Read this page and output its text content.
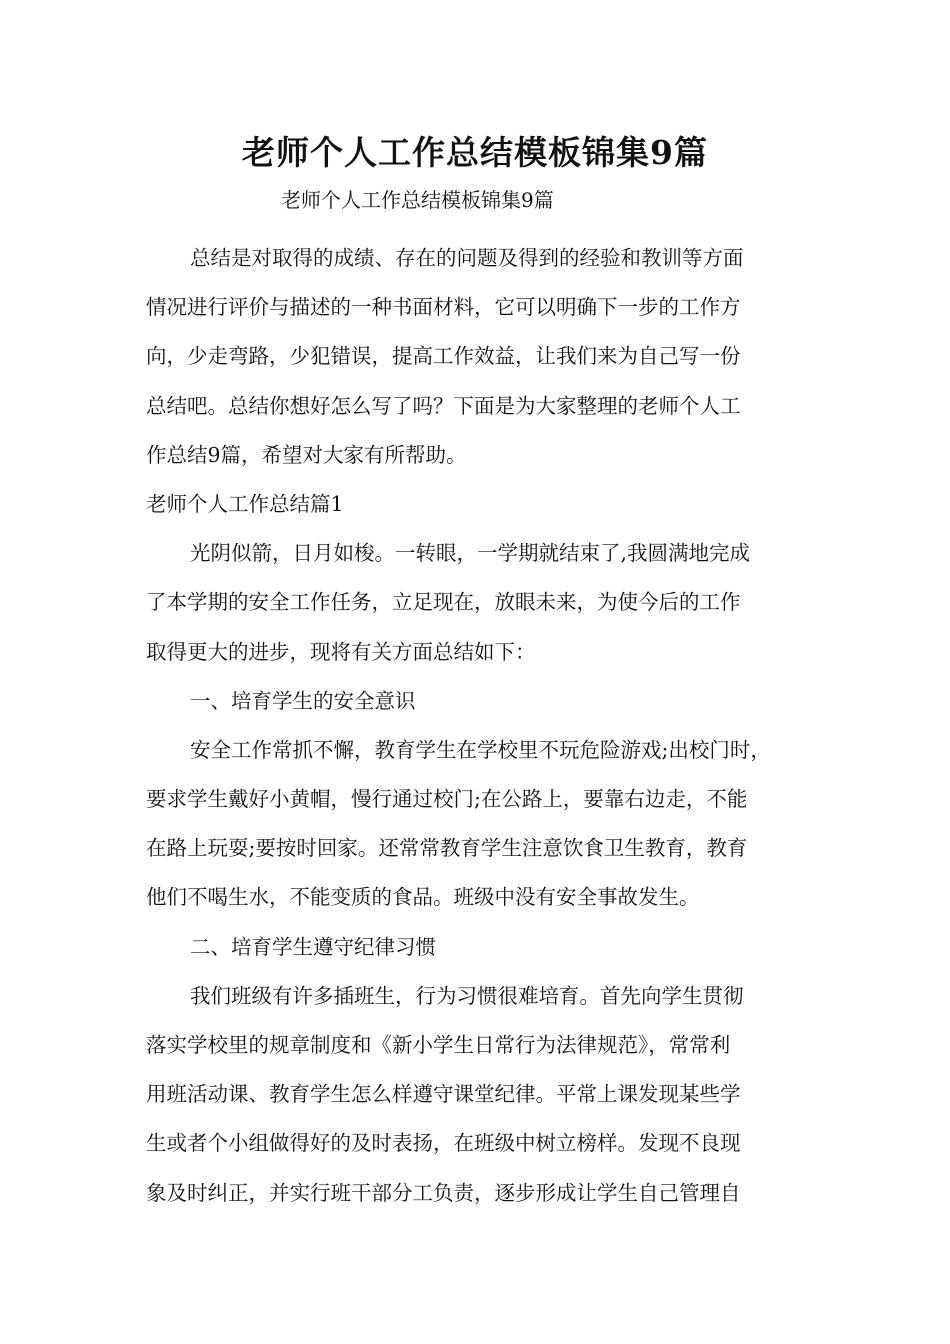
老师个人工作总结模板锦集9篇

老师个人工作总结模板锦集9篇

总结是对取得的成绩、存在的问题及得到的经验和教训等方面

情况进行评价与描述的一种书面材料，它可以明确下一步的工作方

向，少走弯路，少犯错误，提高工作效益，让我们来为自己写一份

总结吧。总结你想好怎么写了吗？下面是为大家整理的老师个人工

作总结9篇，希望对大家有所帮助。

老师个人工作总结篇1

光阴似箭，日月如梭。一转眼，一学期就结束了,我圆满地完成

了本学期的安全工作任务，立足现在，放眼未来，为使今后的工作

取得更大的进步，现将有关方面总结如下：

一、培育学生的安全意识

安全工作常抓不懈，教育学生在学校里不玩危险游戏;出校门时，

要求学生戴好小黄帽，慢行通过校门;在公路上，要靠右边走，不能

在路上玩耍;要按时回家。还常常教育学生注意饮食卫生教育，教育

他们不喝生水，不能变质的食品。班级中没有安全事故发生。

二、培育学生遵守纪律习惯

我们班级有许多插班生，行为习惯很难培育。首先向学生贯彻

落实学校里的规章制度和《新小学生日常行为法律规范》，常常利

用班活动课、教育学生怎么样遵守课堂纪律。平常上课发现某些学

生或者个小组做得好的及时表扬，在班级中树立榜样。发现不良现

象及时纠正，并实行班干部分工负责，逐步形成让学生自己管理自
